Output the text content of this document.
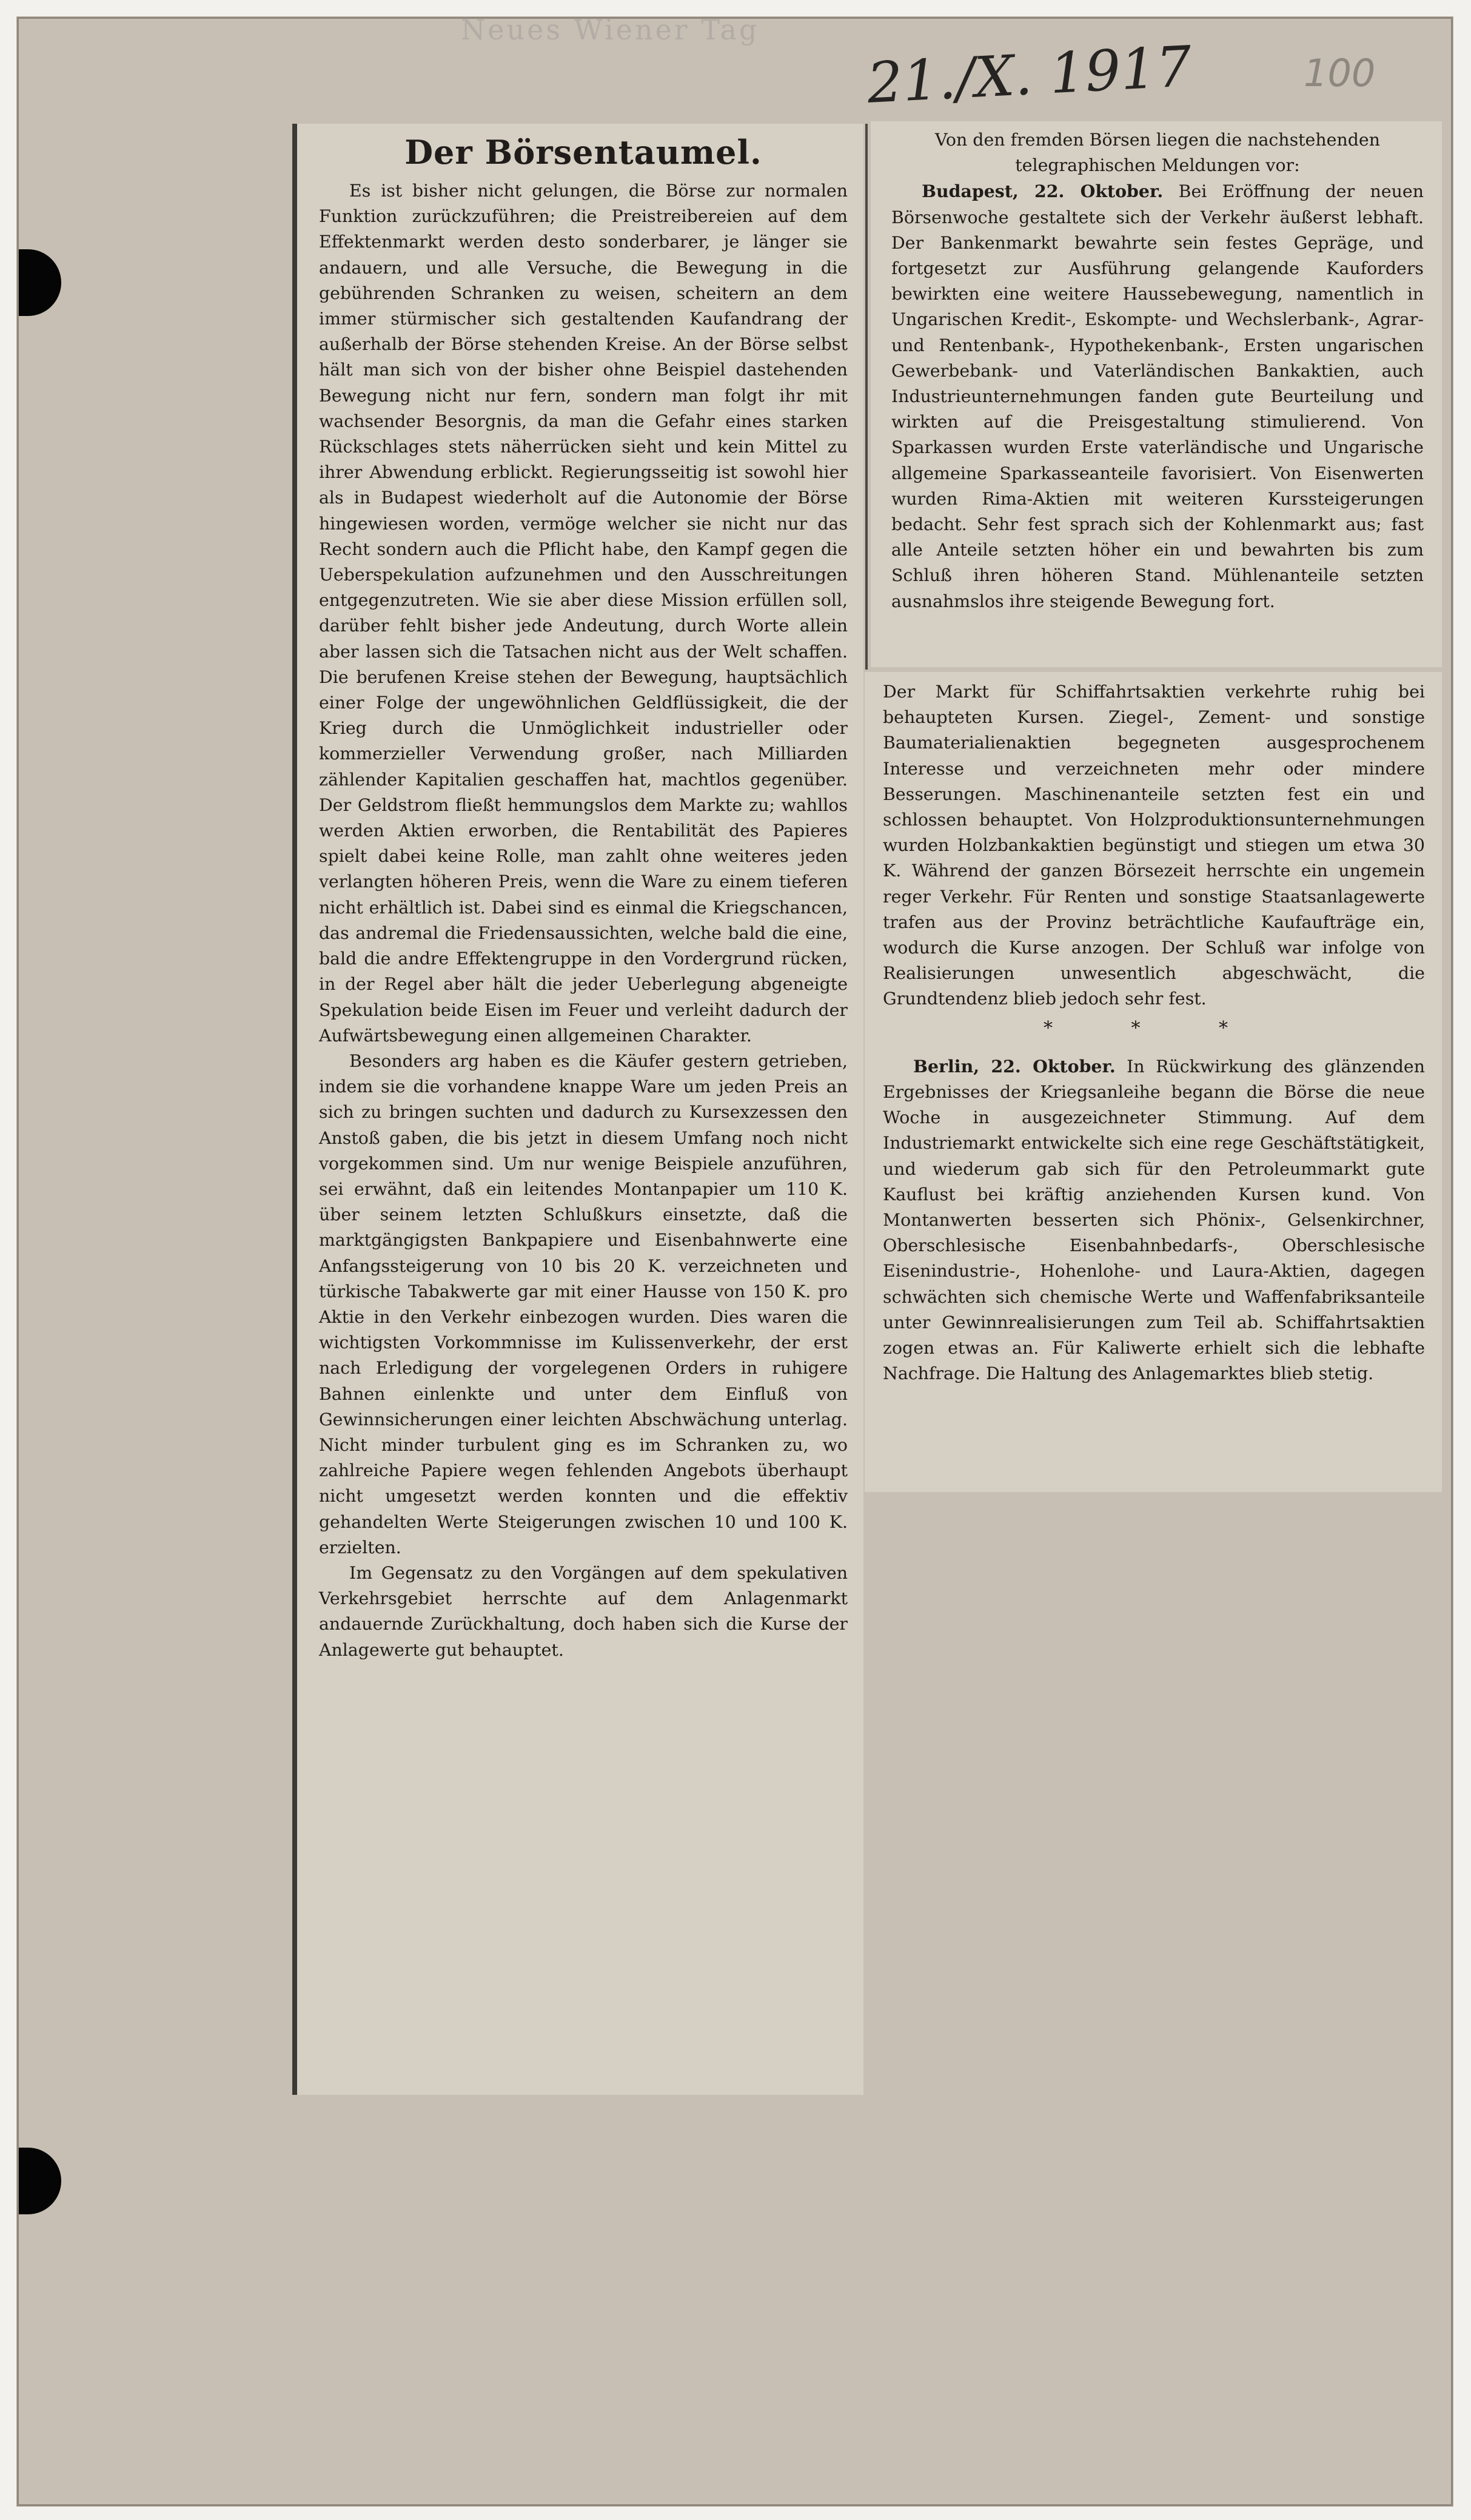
Neues Wiener Tag
21./X. 1917	100
Der Börsentaumel.

Es ist bisher nicht gelungen, die Börse zur normalen Funktion zurückzuführen; die Preistreibereien auf dem Effektenmarkt werden desto sonderbarer, je länger sie andauern, und alle Versuche, die Bewegung in die gebührenden Schranken zu weisen, scheitern an dem immer stürmischer sich gestaltenden Kaufandrang der außerhalb der Börse stehenden Kreise. An der Börse selbst hält man sich von der bisher ohne Beispiel dastehenden Bewegung nicht nur fern, sondern man folgt ihr mit wachsender Besorgnis, da man die Gefahr eines starken Rückschlages stets näherrücken sieht und kein Mittel zu ihrer Abwendung erblickt. Regierungsseitig ist sowohl hier als in Budapest wiederholt auf die Autonomie der Börse hingewiesen worden, vermöge welcher sie nicht nur das Recht sondern auch die Pflicht habe, den Kampf gegen die Ueberspekulation aufzunehmen und den Ausschreitungen entgegenzutreten. Wie sie aber diese Mission erfüllen soll, darüber fehlt bisher jede Andeutung, durch Worte allein aber lassen sich die Tatsachen nicht aus der Welt schaffen. Die berufenen Kreise stehen der Bewegung, hauptsächlich einer Folge der ungewöhnlichen Geldflüssigkeit, die der Krieg durch die Unmöglichkeit industrieller oder kommerzieller Verwendung großer, nach Milliarden zählender Kapitalien geschaffen hat, machtlos gegenüber. Der Geldstrom fließt hemmungslos dem Markte zu; wahllos werden Aktien erworben, die Rentabilität des Papieres spielt dabei keine Rolle, man zahlt ohne weiteres jeden verlangten höheren Preis, wenn die Ware zu einem tieferen nicht erhältlich ist. Dabei sind es einmal die Kriegschancen, das andremal die Friedensaussichten, welche bald die eine, bald die andre Effektengruppe in den Vordergrund rücken, in der Regel aber hält die jeder Ueberlegung abgeneigte Spekulation beide Eisen im Feuer und verleiht dadurch der Aufwärtsbewegung einen allgemeinen Charakter.

Besonders arg haben es die Käufer gestern getrieben, indem sie die vorhandene knappe Ware um jeden Preis an sich zu bringen suchten und dadurch zu Kursexzessen den Anstoß gaben, die bis jetzt in diesem Umfang noch nicht vorgekommen sind. Um nur wenige Beispiele anzuführen, sei erwähnt, daß ein leitendes Montanpapier um 110 K. über seinem letzten Schlußkurs einsetzte, daß die marktgängigsten Bankpapiere und Eisenbahnwerte eine Anfangssteigerung von 10 bis 20 K. verzeichneten und türkische Tabakwerte gar mit einer Hausse von 150 K. pro Aktie in den Verkehr einbezogen wurden. Dies waren die wichtigsten Vorkommnisse im Kulissenverkehr, der erst nach Erledigung der vorgelegenen Orders in ruhigere Bahnen einlenkte und unter dem Einfluß von Gewinnsicherungen einer leichten Abschwächung unterlag. Nicht minder turbulent ging es im Schranken zu, wo zahlreiche Papiere wegen fehlenden Angebots überhaupt nicht umgesetzt werden konnten und die effektiv gehandelten Werte Steigerungen zwischen 10 und 100 K. erzielten.

Im Gegensatz zu den Vorgängen auf dem spekulativen Verkehrsgebiet herrschte auf dem Anlagenmarkt andauernde Zurückhaltung, doch haben sich die Kurse der Anlagewerte gut behauptet.

Von den fremden Börsen liegen die nachstehenden telegraphischen Meldungen vor:

Budapest, 22. Oktober. Bei Eröffnung der neuen Börsenwoche gestaltete sich der Verkehr äußerst lebhaft. Der Bankenmarkt bewahrte sein festes Gepräge, und fortgesetzt zur Ausführung gelangende Kauforders bewirkten eine weitere Haussebewegung, namentlich in Ungarischen Kredit-, Eskompte- und Wechslerbank-, Agrar- und Rentenbank-, Hypothekenbank-, Ersten ungarischen Gewerbebank- und Vaterländischen Bankaktien, auch Industrieunternehmungen fanden gute Beurteilung und wirkten auf die Preisgestaltung stimulierend. Von Sparkassen wurden Erste vaterländische und Ungarische allgemeine Sparkasseanteile favorisiert. Von Eisenwerten wurden Rima-Aktien mit weiteren Kurssteigerungen bedacht. Sehr fest sprach sich der Kohlenmarkt aus; fast alle Anteile setzten höher ein und bewahrten bis zum Schluß ihren höheren Stand. Mühlenanteile setzten ausnahmslos ihre steigende Bewegung fort.

Der Markt für Schiffahrtsaktien verkehrte ruhig bei behaupteten Kursen. Ziegel-, Zement- und sonstige Baumaterialienaktien begegneten ausgesprochenem Interesse und verzeichneten mehr oder mindere Besserungen. Maschinenanteile setzten fest ein und schlossen behauptet. Von Holzproduktionsunternehmungen wurden Holzbankaktien begünstigt und stiegen um etwa 30 K. Während der ganzen Börsezeit herrschte ein ungemein reger Verkehr. Für Renten und sonstige Staatsanlagewerte trafen aus der Provinz beträchtliche Kaufaufträge ein, wodurch die Kurse anzogen. Der Schluß war infolge von Realisierungen unwesentlich abgeschwächt, die Grundtendenz blieb jedoch sehr fest.

* * *

Berlin, 22. Oktober. In Rückwirkung des glänzenden Ergebnisses der Kriegsanleihe begann die Börse die neue Woche in ausgezeichneter Stimmung. Auf dem Industriemarkt entwickelte sich eine rege Geschäftstätigkeit, und wiederum gab sich für den Petroleummarkt gute Kauflust bei kräftig anziehenden Kursen kund. Von Montanwerten besserten sich Phönix-, Gelsenkirchner, Oberschlesische Eisenbahnbedarfs-, Oberschlesische Eisenindustrie-, Hohenlohe- und Laura-Aktien, dagegen schwächten sich chemische Werte und Waffenfabriksanteile unter Gewinnrealisierungen zum Teil ab. Schiffahrtsaktien zogen etwas an. Für Kaliwerte erhielt sich die lebhafte Nachfrage. Die Haltung des Anlagemarktes blieb stetig.
